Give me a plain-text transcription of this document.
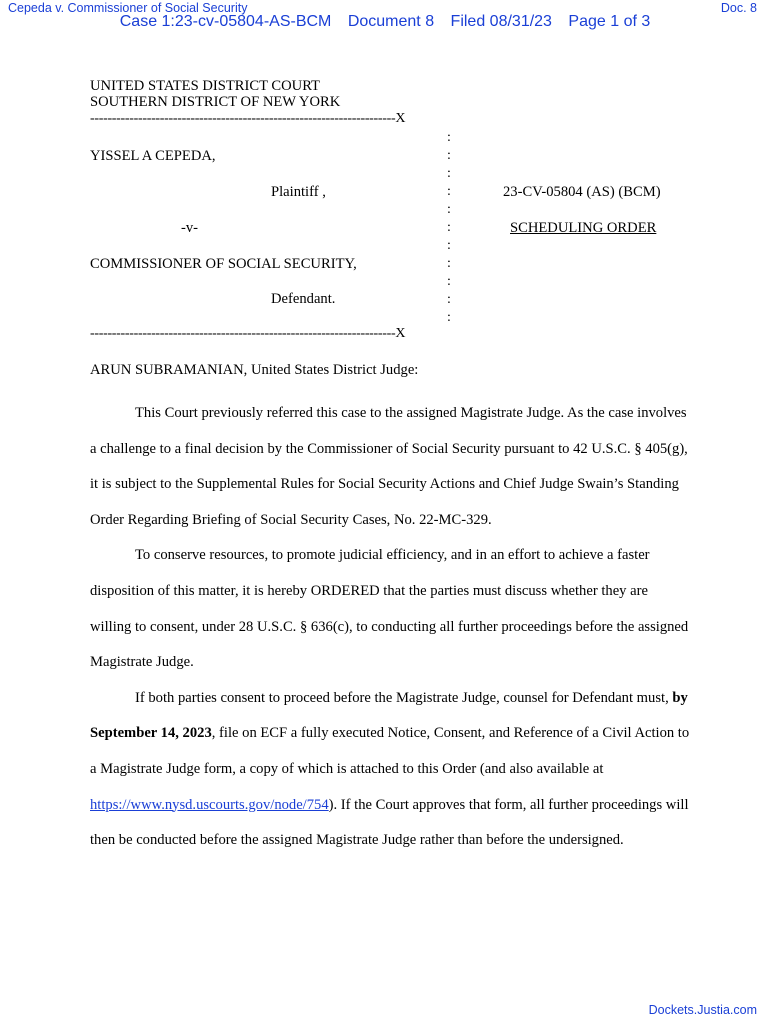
Cepeda v. Commissioner of Social Security	Doc. 8
Case 1:23-cv-05804-AS-BCM Document 8 Filed 08/31/23 Page 1 of 3
UNITED STATES DISTRICT COURT
SOUTHERN DISTRICT OF NEW YORK
----------------------------------------------------------------------X
:
:
:
:
:
:
:
:
:
:
:
YISSEL A CEPEDA,
Plaintiff ,
-v-
COMMISSIONER OF SOCIAL SECURITY,
Defendant.
23-CV-05804 (AS) (BCM)
SCHEDULING ORDER
----------------------------------------------------------------------X
ARUN SUBRAMANIAN, United States District Judge:

This Court previously referred this case to the assigned Magistrate Judge. As the case involves a challenge to a final decision by the Commissioner of Social Security pursuant to 42 U.S.C. § 405(g), it is subject to the Supplemental Rules for Social Security Actions and Chief Judge Swain’s Standing Order Regarding Briefing of Social Security Cases, No. 22-MC-329.

To conserve resources, to promote judicial efficiency, and in an effort to achieve a faster disposition of this matter, it is hereby ORDERED that the parties must discuss whether they are willing to consent, under 28 U.S.C. § 636(c), to conducting all further proceedings before the assigned Magistrate Judge.

If both parties consent to proceed before the Magistrate Judge, counsel for Defendant must, by September 14, 2023, file on ECF a fully executed Notice, Consent, and Reference of a Civil Action to a Magistrate Judge form, a copy of which is attached to this Order (and also available at https://www.nysd.uscourts.gov/node/754). If the Court approves that form, all further proceedings will then be conducted before the assigned Magistrate Judge rather than before the undersigned.

Dockets.Justia.com
